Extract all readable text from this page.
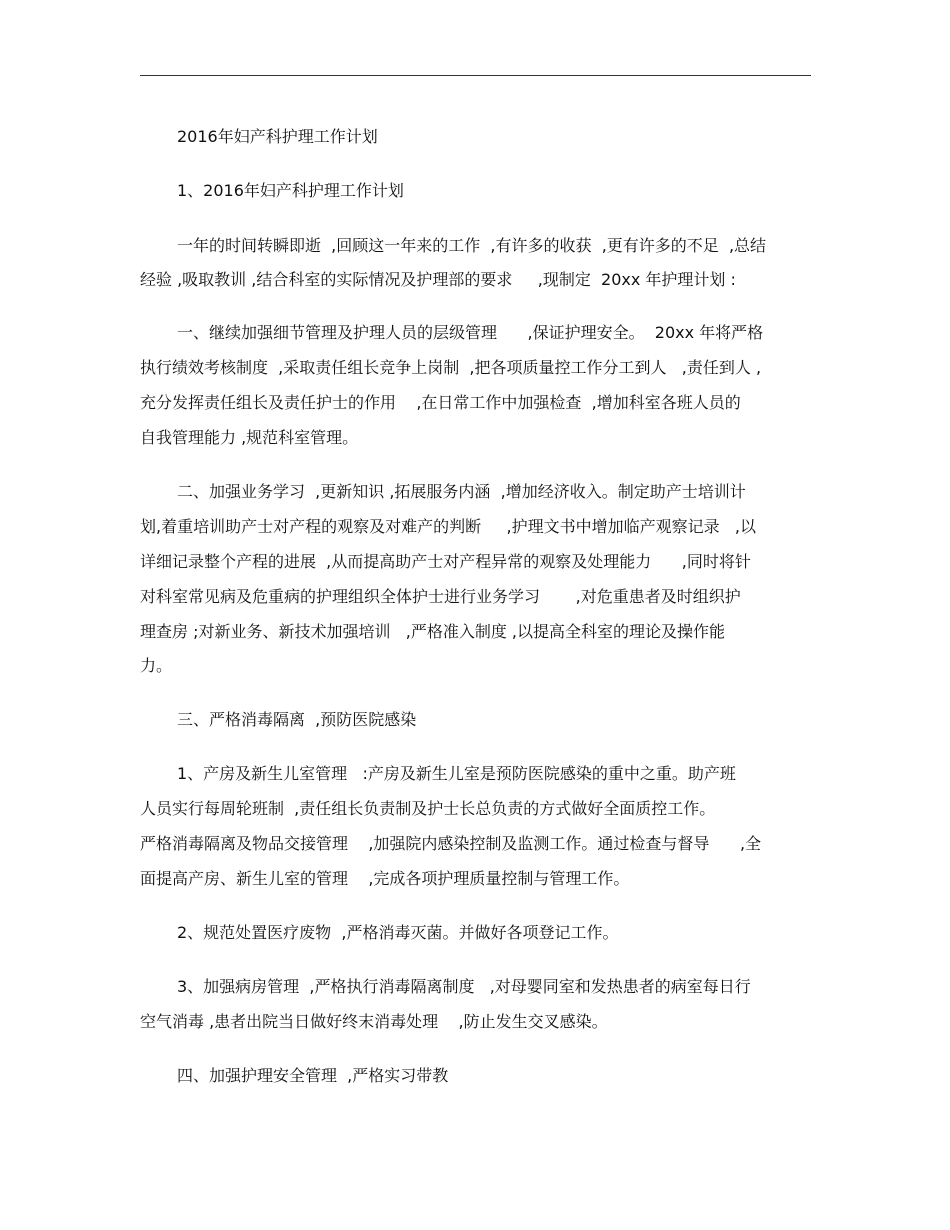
2016年妇产科护理工作计划
1、2016年妇产科护理工作计划
一年的时间转瞬即逝  ,回顾这一年来的工作  ,有许多的收获  ,更有许多的不足  ,总结
经验 ,吸取教训 ,结合科室的实际情况及护理部的要求     ,现制定  20xx 年护理计划 :
一、继续加强细节管理及护理人员的层级管理      ,保证护理安全。  20xx 年将严格
执行绩效考核制度  ,采取责任组长竞争上岗制  ,把各项质量控工作分工到人   ,责任到人 ,
充分发挥责任组长及责任护士的作用    ,在日常工作中加强检查  ,增加科室各班人员的
自我管理能力 ,规范科室管理。
二、加强业务学习  ,更新知识 ,拓展服务内涵  ,增加经济收入。制定助产士培训计
划,着重培训助产士对产程的观察及对难产的判断     ,护理文书中增加临产观察记录   ,以
详细记录整个产程的进展  ,从而提高助产士对产程异常的观察及处理能力      ,同时将针
对科室常见病及危重病的护理组织全体护士进行业务学习       ,对危重患者及时组织护
理查房 ;对新业务、新技术加强培训   ,严格准入制度 ,以提高全科室的理论及操作能
力。
三、严格消毒隔离  ,预防医院感染
1、产房及新生儿室管理   :产房及新生儿室是预防医院感染的重中之重。助产班
人员实行每周轮班制  ,责任组长负责制及护士长总负责的方式做好全面质控工作。
严格消毒隔离及物品交接管理    ,加强院内感染控制及监测工作。通过检查与督导      ,全
面提高产房、新生儿室的管理    ,完成各项护理质量控制与管理工作。
2、规范处置医疗废物  ,严格消毒灭菌。并做好各项登记工作。
3、加强病房管理  ,严格执行消毒隔离制度   ,对母婴同室和发热患者的病室每日行
空气消毒 ,患者出院当日做好终末消毒处理    ,防止发生交叉感染。
四、加强护理安全管理  ,严格实习带教
